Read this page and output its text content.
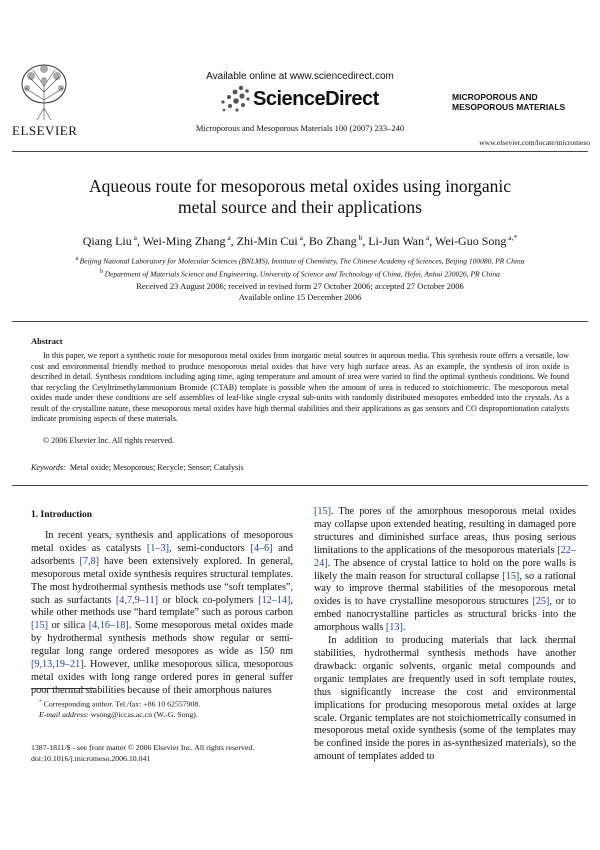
ELSEVIER
Available online at www.sciencedirect.com
ScienceDirect
Microporous and Mesoporous Materials 100 (2007) 233–240
MICROPOROUS AND
MESOPOROUS MATERIALS
www.elsevier.com/locate/micromeso
Aqueous route for mesoporous metal oxides using inorganic
metal source and their applications
Qiang Liu $^a$, Wei-Ming Zhang $^a$, Zhi-Min Cui $^a$, Bo Zhang $^b$, Li-Jun Wan $^a$, Wei-Guo Song $^{a,*}$
$^a$ Beijing National Laboratory for Molecular Sciences (BNLMS), Institute of Chemistry, The Chinese Academy of Sciences, Beijing 100080, PR China
$^b$ Department of Materials Science and Engineering, University of Science and Technology of China, Hefei, Anhui 230026, PR China
Received 23 August 2006; received in revised form 27 October 2006; accepted 27 October 2006
Available online 15 December 2006
Abstract
In this paper, we report a synthetic route for mesoporous metal oxides from inorganic metal sources in aqueous media. This synthesis route offers a versatile, low cost and environmental friendly method to produce mesoporous metal oxides that have very high surface areas. As an example, the synthesis of iron oxide is described in detail. Synthesis conditions including aging time, aging temperature and amount of urea were varied to find the optimal synthesis conditions. We found that recycling the Cetyltrimethylammonium Bromide (CTAB) template is possible when the amount of urea is reduced to stoichiometric. The mesoporous metal oxides made under these conditions are self assemblies of leaf-like single crystal sub-units with randomly distributed mesopores embedded into the crystals. As a result of the crystalline nature, these mesoporous metal oxides have high thermal stabilities and their applications as gas sensors and CO disproportionation catalysts indicate promising aspects of these materials.
© 2006 Elsevier Inc. All rights reserved.
Keywords: Metal oxide; Mesoporous; Recycle; Sensor; Catalysis
1. Introduction

In recent years, synthesis and applications of mesoporous metal oxides as catalysts [1–3], semi-conductors [4–6] and adsorbents [7,8] have been extensively explored. In general, mesoporous metal oxide synthesis requires structural templates. The most hydrothermal synthesis methods use “soft templates”, such as surfactants [4,7,9–11] or block co-polymers [12–14], while other methods use “hard template” such as porous carbon [15] or silica [4,16–18]. Some mesoporous metal oxides made by hydrothermal synthesis methods show regular or semi-regular long range ordered mesopores as wide as 150 nm [9,13,19–21]. However, unlike mesoporous silica, mesoporous metal oxides with long range ordered pores in general suffer poor thermal stabilities because of their amorphous natures

* Corresponding author. Tel./fax: +86 10 62557908.
E-mail address: wsong@iccas.ac.cn (W.-G. Song).
1387-1811/$ - see front matter © 2006 Elsevier Inc. All rights reserved.
doi:10.1016/j.micromeso.2006.10.041

[15]. The pores of the amorphous mesoporous metal oxides may collapse upon extended heating, resulting in damaged pore structures and diminished surface areas, thus posing serious limitations to the applications of the mesoporous materials [22–24]. The absence of crystal lattice to hold on the pore walls is likely the main reason for structural collapse [15], so a rational way to improve thermal stabilities of the mesoporous metal oxides is to have crystalline mesoporous structures [25], or to embed nanocrystalline particles as structural bricks into the amorphous walls [13].

In addition to producing materials that lack thermal stabilities, hydrothermal synthesis methods have another drawback: organic solvents, organic metal compounds and organic templates are frequently used in soft template routes, thus significantly increase the cost and environmental implications for producing mesoporous metal oxides at large scale. Organic templates are not stoichiometrically consumed in mesoporous metal oxide synthesis (some of the templates may be confined inside the pores in as-synthesized materials), so the amount of templates added to
